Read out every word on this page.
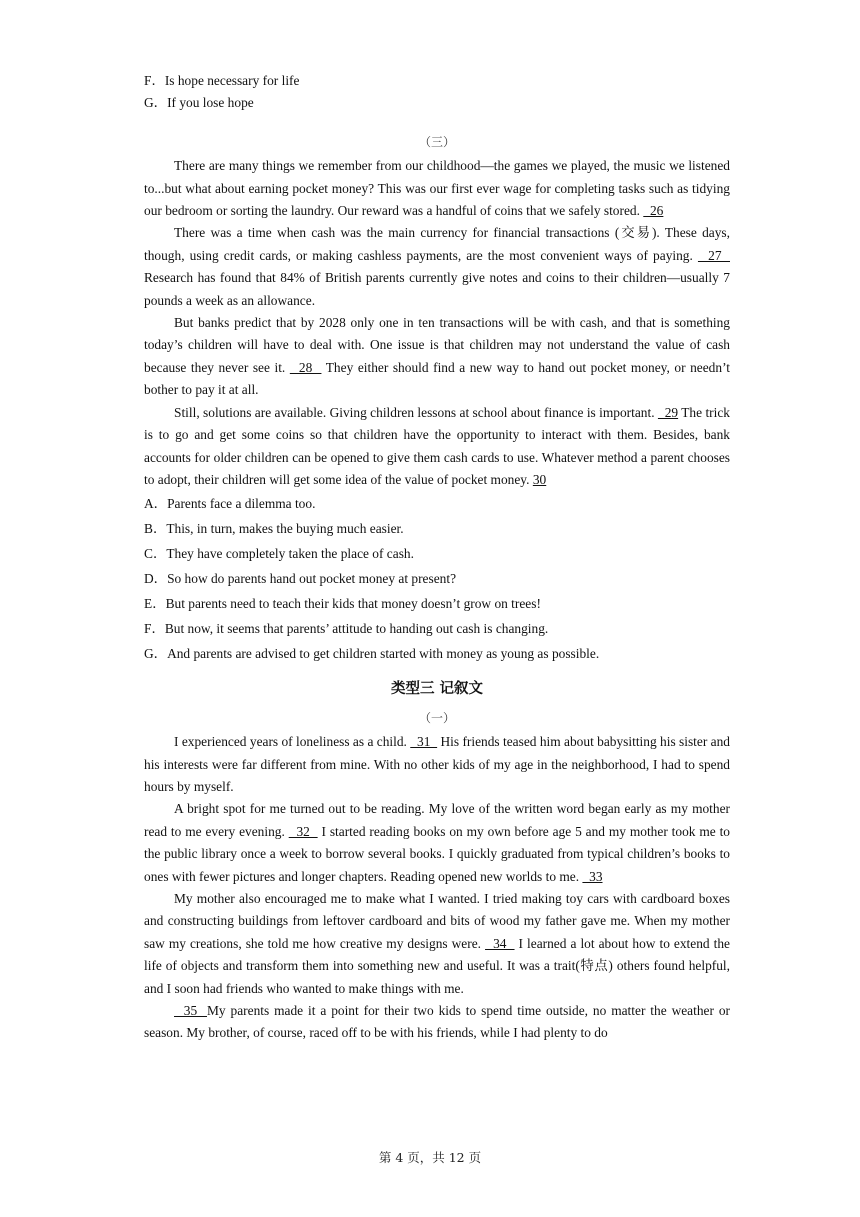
F．Is hope necessary for life

G．If you lose hope

（三）

There are many things we remember from our childhood—the games we played, the music we listened to...but what about earning pocket money? This was our first ever wage for completing tasks such as tidying our bedroom or sorting the laundry. Our reward was a handful of coins that we safely stored.   26

There was a time when cash was the main currency for financial transactions (交易). These days, though, using credit cards, or making cashless payments, are the most convenient ways of paying.   27   Research has found that 84% of British parents currently give notes and coins to their children—usually 7 pounds a week as an allowance.

But banks predict that by 2028 only one in ten transactions will be with cash, and that is something today’s children will have to deal with. One issue is that children may not understand the value of cash because they never see it.   28   They either should find a new way to hand out pocket money, or needn’t bother to pay it at all.

Still, solutions are available. Giving children lessons at school about finance is important.   29 The trick is to go and get some coins so that children have the opportunity to interact with them. Besides, bank accounts for older children can be opened to give them cash cards to use. Whatever method a parent chooses to adopt, their children will get some idea of the value of pocket money. 30

A．Parents face a dilemma too.

B．This, in turn, makes the buying much easier.

C．They have completely taken the place of cash.

D．So how do parents hand out pocket money at present?

E．But parents need to teach their kids that money doesn’t grow on trees!

F．But now, it seems that parents’ attitude to handing out cash is changing.

G．And parents are advised to get children started with money as young as possible.

类型三 记叙文
（一）

I experienced years of loneliness as a child.   31   His friends teased him about babysitting his sister and his interests were far different from mine. With no other kids of my age in the neighborhood, I had to spend hours by myself.

A bright spot for me turned out to be reading. My love of the written word began early as my mother read to me every evening.   32   I started reading books on my own before age 5 and my mother took me to the public library once a week to borrow several books. I quickly graduated from typical children’s books to ones with fewer pictures and longer chapters. Reading opened new worlds to me.   33

My mother also encouraged me to make what I wanted. I tried making toy cars with cardboard boxes and constructing buildings from leftover cardboard and bits of wood my father gave me. When my mother saw my creations, she told me how creative my designs were.   34   I learned a lot about how to extend the life of objects and transform them into something new and useful. It was a trait(特点) others found helpful, and I soon had friends who wanted to make things with me.

35  My parents made it a point for their two kids to spend time outside, no matter the weather or season. My brother, of course, raced off to be with his friends, while I had plenty to do

第 4 页，共 12 页
